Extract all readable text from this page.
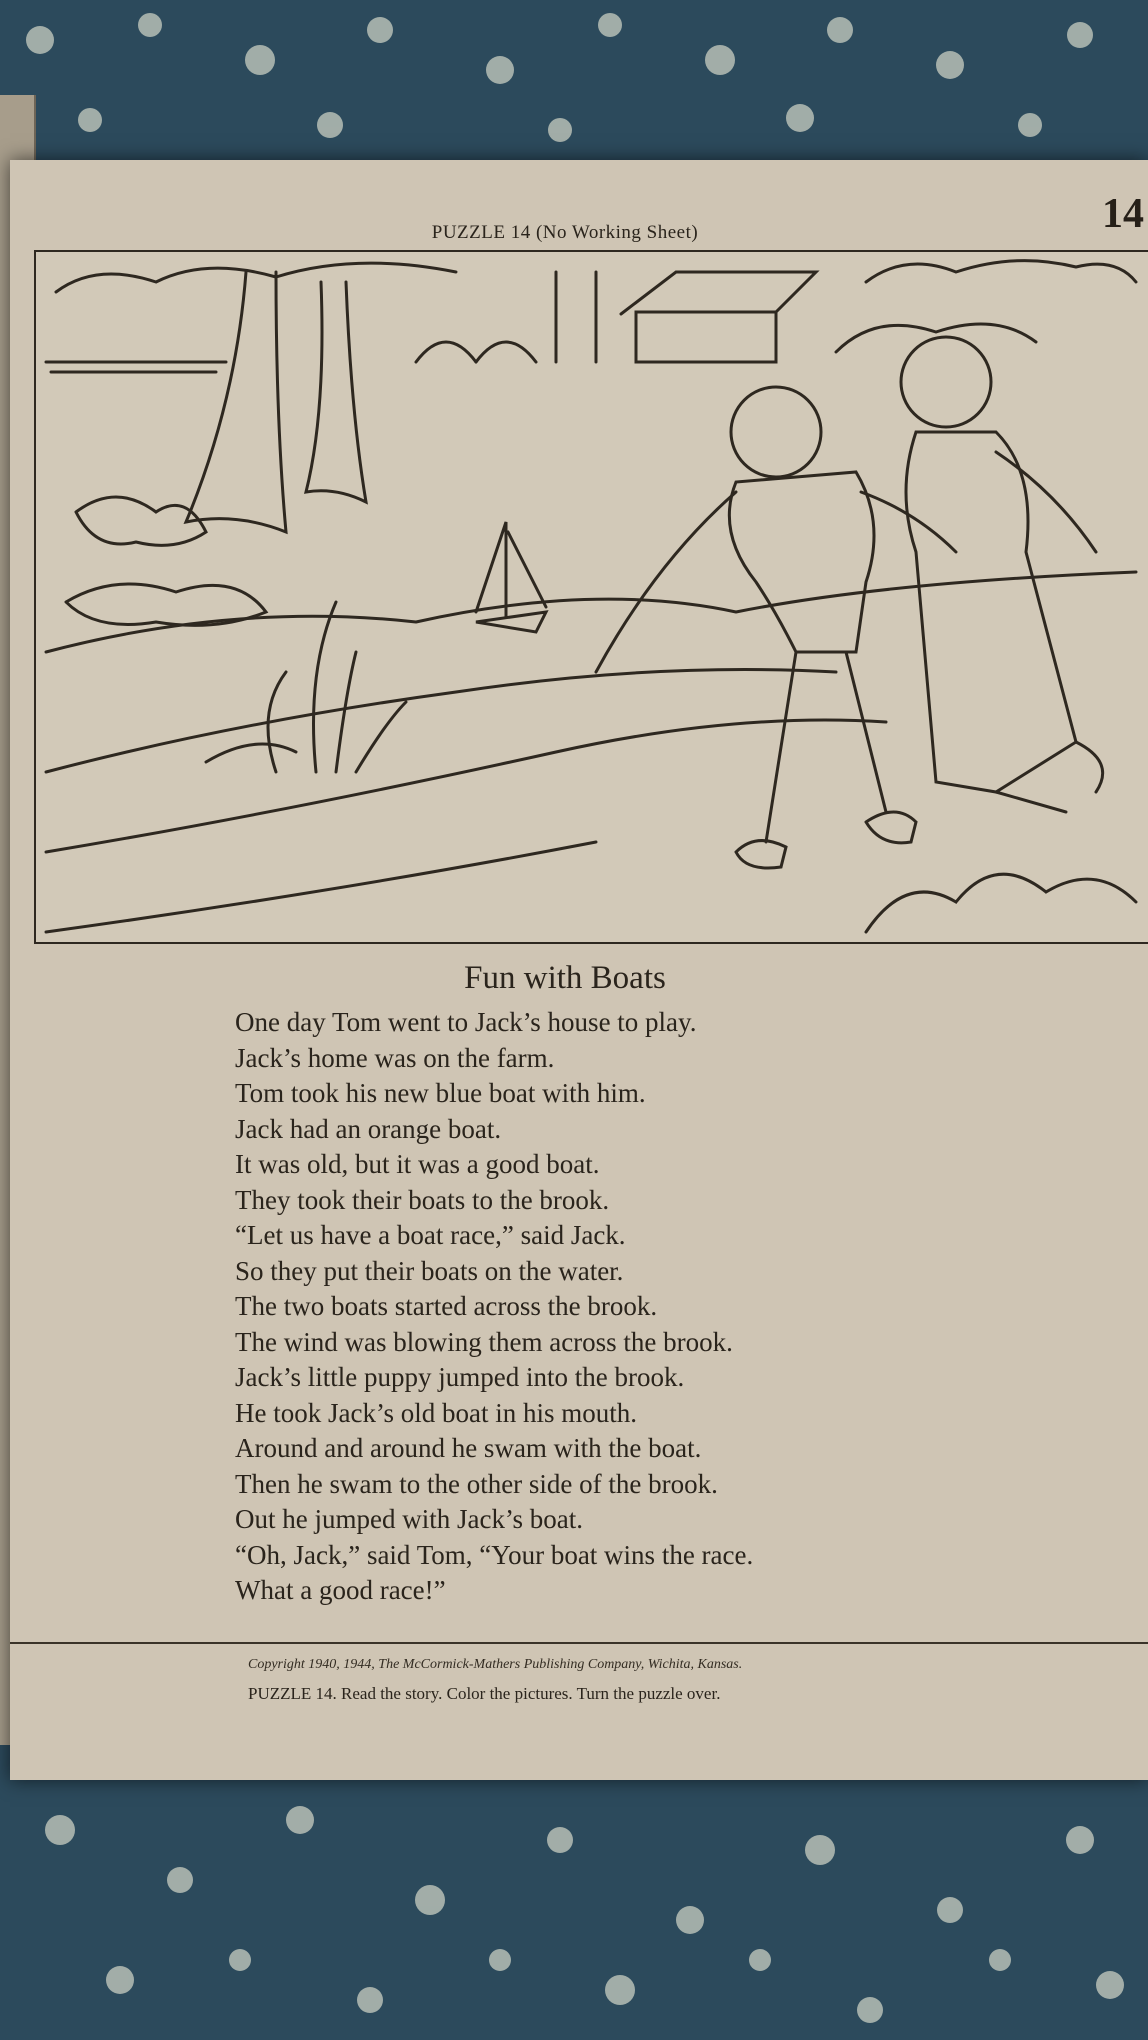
14
PUZZLE 14 (No Working Sheet)
Fun with Boats
One day Tom went to Jack’s house to play.
Jack’s home was on the farm.
Tom took his new blue boat with him.
Jack had an orange boat.
It was old, but it was a good boat.
They took their boats to the brook.
“Let us have a boat race,” said Jack.
So they put their boats on the water.
The two boats started across the brook.
The wind was blowing them across the brook.
Jack’s little puppy jumped into the brook.
He took Jack’s old boat in his mouth.
Around and around he swam with the boat.
Then he swam to the other side of the brook.
Out he jumped with Jack’s boat.
“Oh, Jack,” said Tom, “Your boat wins the race.
What a good race!”
Copyright 1940, 1944, The McCormick-Mathers Publishing Company, Wichita, Kansas.
PUZZLE 14. Read the story. Color the pictures. Turn the puzzle over.
